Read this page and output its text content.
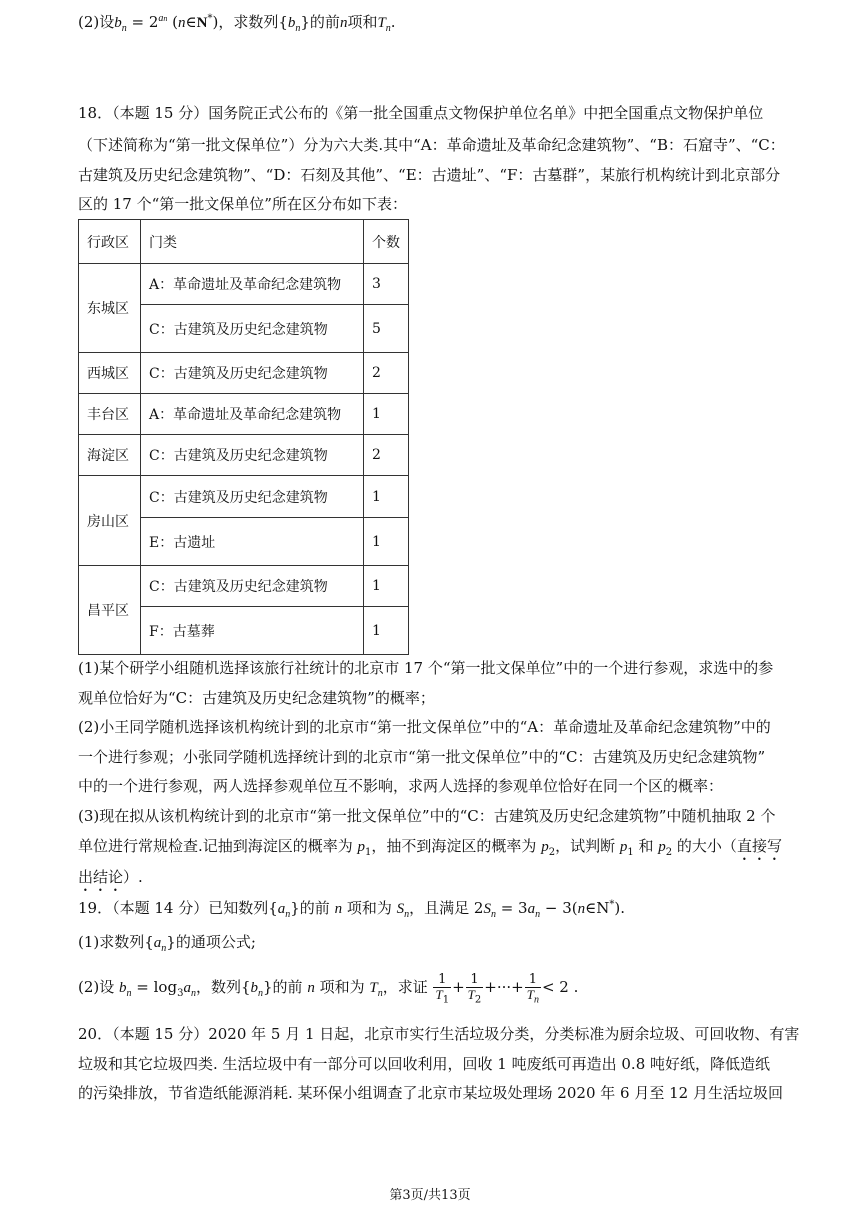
(2)设$b_n = 2^{an}$ (n∈N*)，求数列$\{b_n\}$的前n项和$T_n$.
18．（本题 15 分）国务院正式公布的《第一批全国重点文物保护单位名单》中把全国重点文物保护单位
（下述简称为“第一批文保单位”）分为六大类.其中“A：革命遗址及革命纪念建筑物”、“B：石窟寺”、“C：
古建筑及历史纪念建筑物”、“D：石刻及其他”、“E：古遗址”、“F：古墓群”，某旅行机构统计到北京部分
区的 17 个“第一批文保单位”所在区分布如下表：
行政区	门类	个数
东城区	A：革命遗址及革命纪念建筑物	3
	C：古建筑及历史纪念建筑物	5
西城区	C：古建筑及历史纪念建筑物	2
丰台区	A：革命遗址及革命纪念建筑物	1
海淀区	C：古建筑及历史纪念建筑物	2
房山区	C：古建筑及历史纪念建筑物	1
	E：古遗址	1
昌平区	C：古建筑及历史纪念建筑物	1
	F：古墓葬	1
(1)某个研学小组随机选择该旅行社统计的北京市 17 个“第一批文保单位”中的一个进行参观，求选中的参
观单位恰好为“C：古建筑及历史纪念建筑物”的概率；
(2)小王同学随机选择该机构统计到的北京市“第一批文保单位”中的“A：革命遗址及革命纪念建筑物”中的
一个进行参观；小张同学随机选择统计到的北京市“第一批文保单位”中的“C：古建筑及历史纪念建筑物”
中的一个进行参观，两人选择参观单位互不影响，求两人选择的参观单位恰好在同一个区的概率：
(3)现在拟从该机构统计到的北京市“第一批文保单位”中的“C：古建筑及历史纪念建筑物”中随机抽取 2 个
单位进行常规检查.记抽到海淀区的概率为 $p_1$，抽不到海淀区的概率为 $p_2$，试判断 $p_1$ 和 $p_2$ 的大小（直接写
出结论）.
19．（本题 14 分）已知数列$\{a_n\}$的前 n 项和为 $S_n$，且满足 $2S_n = 3a_n$ − 3(n∈N*).
(1)求数列$\{a_n\}$的通项公式;
(2)设 $b_n = \log_3a_n$，数列$\{b_n\}$的前 n 项和为 $T_n$，求证 $\frac{1}{T_1} + \frac{1}{T_2}$ +···+ $\frac{1}{T_n} < 2$ .
20．（本题 15 分）2020 年 5 月 1 日起，北京市实行生活垃圾分类，分类标准为厨余垃圾、可回收物、有害
垃圾和其它垃圾四类. 生活垃圾中有一部分可以回收利用，回收 1 吨废纸可再造出 0.8 吨好纸，降低造纸
的污染排放，节省造纸能源消耗. 某环保小组调查了北京市某垃圾处理场 2020 年 6 月至 12 月生活垃圾回
第3页/共13页
